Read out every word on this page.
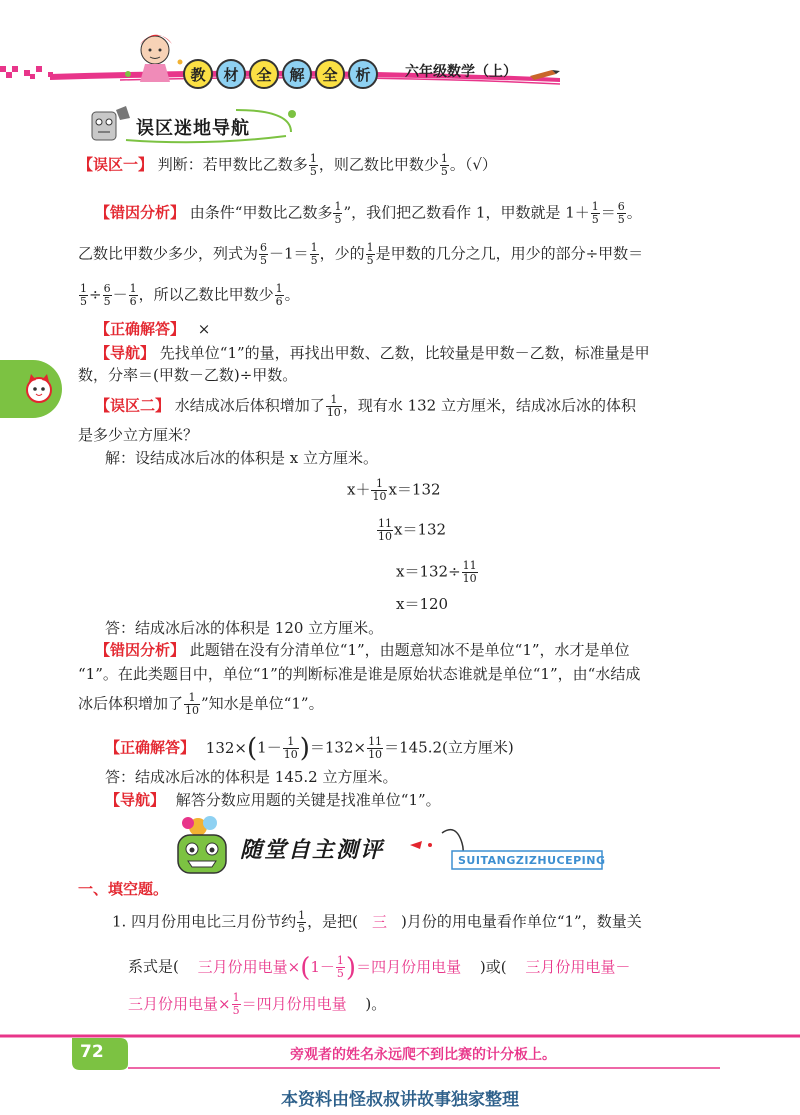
教	材	全	解	全	析	六年级数学（上）
误区迷地导航
【误区一】 判断：若甲数比乙数多 $\frac{1}{5}$ ，则乙数比甲数少 $\frac{1}{5}$ 。（√）
【错因分析】 由条件“甲数比乙数多 $\frac{1}{5}$ ”，我们把乙数看作 1，甲数就是 $1+ \frac{1}{5} = \frac{6}{5}$ 。
乙数比甲数少多少，列式为 $\frac{6}{5} -1= \frac{1}{5}$ ，少的 $\frac{1}{5}$ 是甲数的几分之几，用少的部分÷甲数＝
$\frac{1}{5} \div \frac{6}{5} - \frac{1}{6}$ ，所以乙数比甲数少 $\frac{1}{6}$ 。
【正确解答】 ×
【导航】 先找单位“1”的量，再找出甲数、乙数，比较量是甲数－乙数，标准量是甲
数，分率＝(甲数－乙数)÷甲数。
【误区二】 水结成冰后体积增加了 $\frac{1}{10}$ ，现有水 132 立方厘米，结成冰后冰的体积
是多少立方厘米？
解：设结成冰后冰的体积是 x 立方厘米。
$x+ \frac{1}{10} x=132$
$\frac{11}{10} x=132$
$x=132\div \frac{11}{10}$
x＝120
答：结成冰后冰的体积是 120 立方厘米。
【错因分析】 此题错在没有分清单位“1”，由题意知冰不是单位“1”，水才是单位
“1”。在此类题目中，单位“1”的判断标准是谁是原始状态谁就是单位“1”，由“水结成
冰后体积增加了 $\frac{1}{10}$ ”知水是单位“1”。
【正确解答】 $132\times(1- \frac{1}{10} )=132\times \frac{11}{10} =145.2$(立方厘米)
答：结成冰后冰的体积是 145.2 立方厘米。
【导航】 解答分数应用题的关键是找准单位“1”。
随堂自主测评	SUITANGZIZHUCEPING
一、填空题。
1. 四月份用电比三月份节约 $\frac{1}{5}$ ，是把( 三 )月份的用电量看作单位“1”，数量关
系式是( 三月份用电量$\times(1- \frac{1}{5}$ )＝四月份用电量 )或( 三月份用电量－
三月份用电量× $\frac{1}{5}$ ＝四月份用电量 )。
72	旁观者的姓名永远爬不到比赛的计分板上。
本资料由怪叔叔讲故事独家整理
